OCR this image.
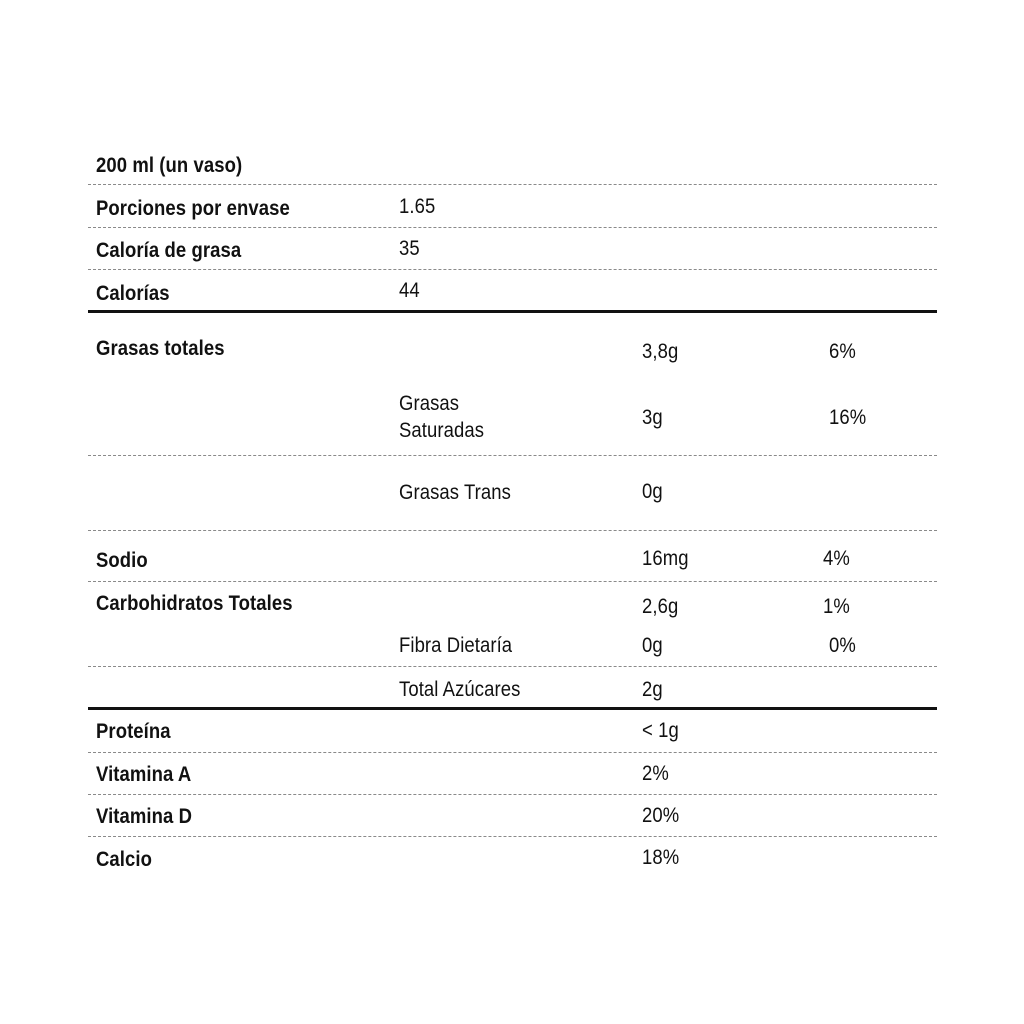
200 ml (un vaso)
Porciones por envase	1.65
Caloría de grasa	35
Calorías	44
Grasas totales	3,8g	6%
Grasas
Saturadas
3g	16%
Grasas Trans	0g
Sodio	16mg	4%
Carbohidratos Totales	2,6g	1%
Fibra Dietaría	0g	0%
Total Azúcares	2g
Proteína	< 1g
Vitamina A	2%
Vitamina D	20%
Calcio	18%
